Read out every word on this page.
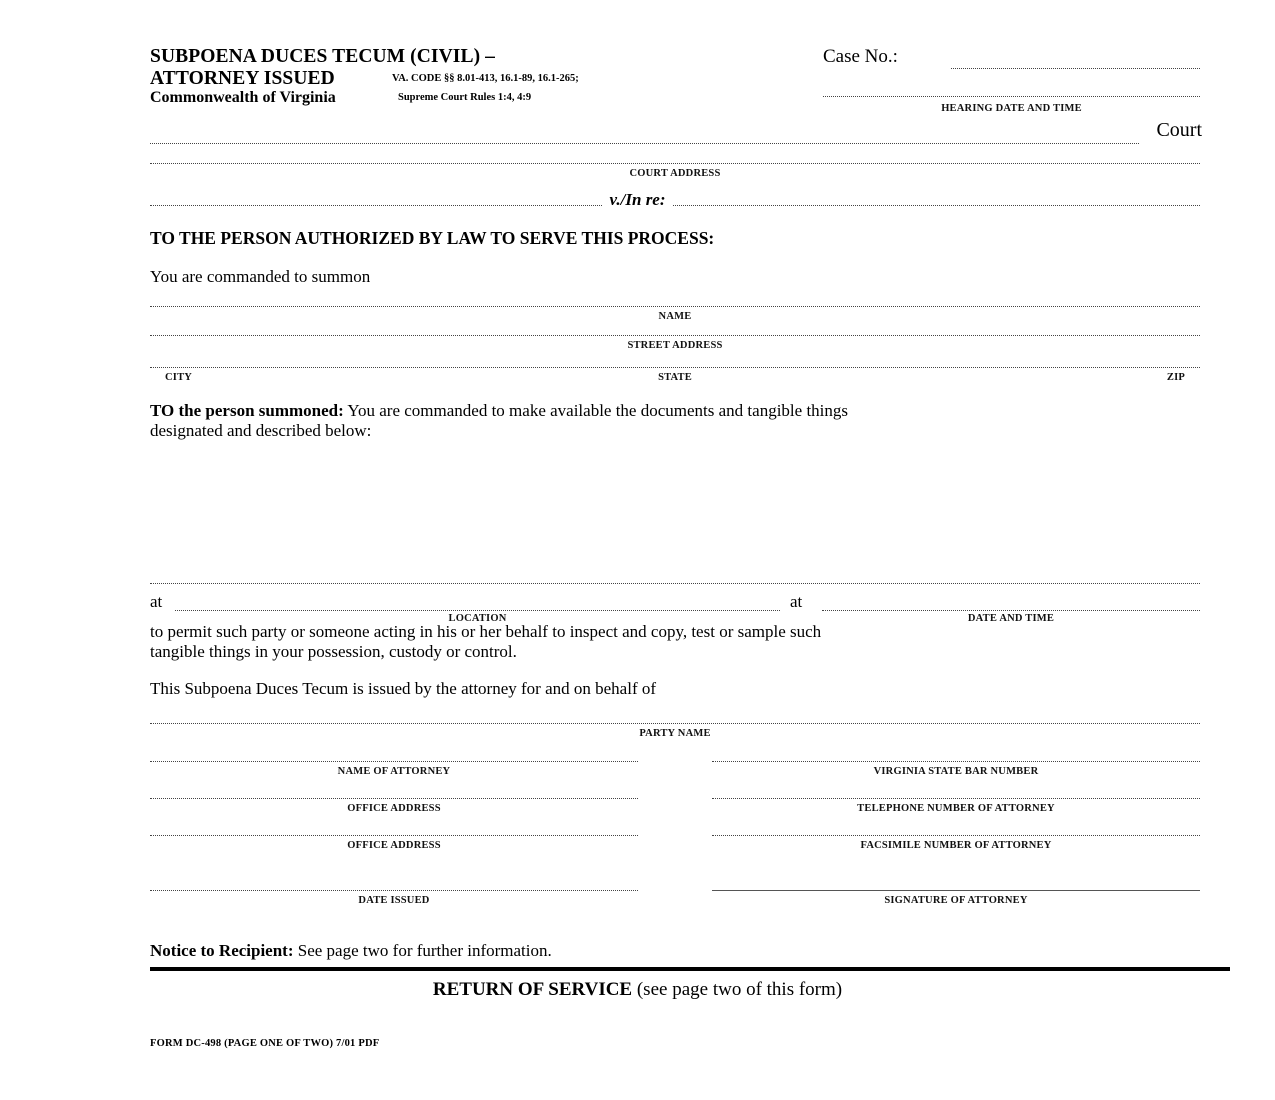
SUBPOENA DUCES TECUM (CIVIL) –
ATTORNEY ISSUED	VA. CODE §§ 8.01-413, 16.1-89, 16.1-265;
Commonwealth of Virginia	Supreme Court Rules 1:4, 4:9
Case No.:
HEARING DATE AND TIME
Court
COURT ADDRESS
v./In re:
TO THE PERSON AUTHORIZED BY LAW TO SERVE THIS PROCESS:
You are commanded to summon
NAME
STREET ADDRESS
CITY	STATE	ZIP
TO the person summoned: You are commanded to make available the documents and tangible things
designated and described below:
at
LOCATION
at
DATE AND TIME
to permit such party or someone acting in his or her behalf to inspect and copy, test or sample such
tangible things in your possession, custody or control.
This Subpoena Duces Tecum is issued by the attorney for and on behalf of
PARTY NAME
NAME OF ATTORNEY	VIRGINIA STATE BAR NUMBER
OFFICE ADDRESS	TELEPHONE NUMBER OF ATTORNEY
OFFICE ADDRESS	FACSIMILE NUMBER OF ATTORNEY
DATE ISSUED	SIGNATURE OF ATTORNEY
Notice to Recipient: See page two for further information.
RETURN OF SERVICE (see page two of this form)
FORM DC-498 (PAGE ONE OF TWO) 7/01 PDF
